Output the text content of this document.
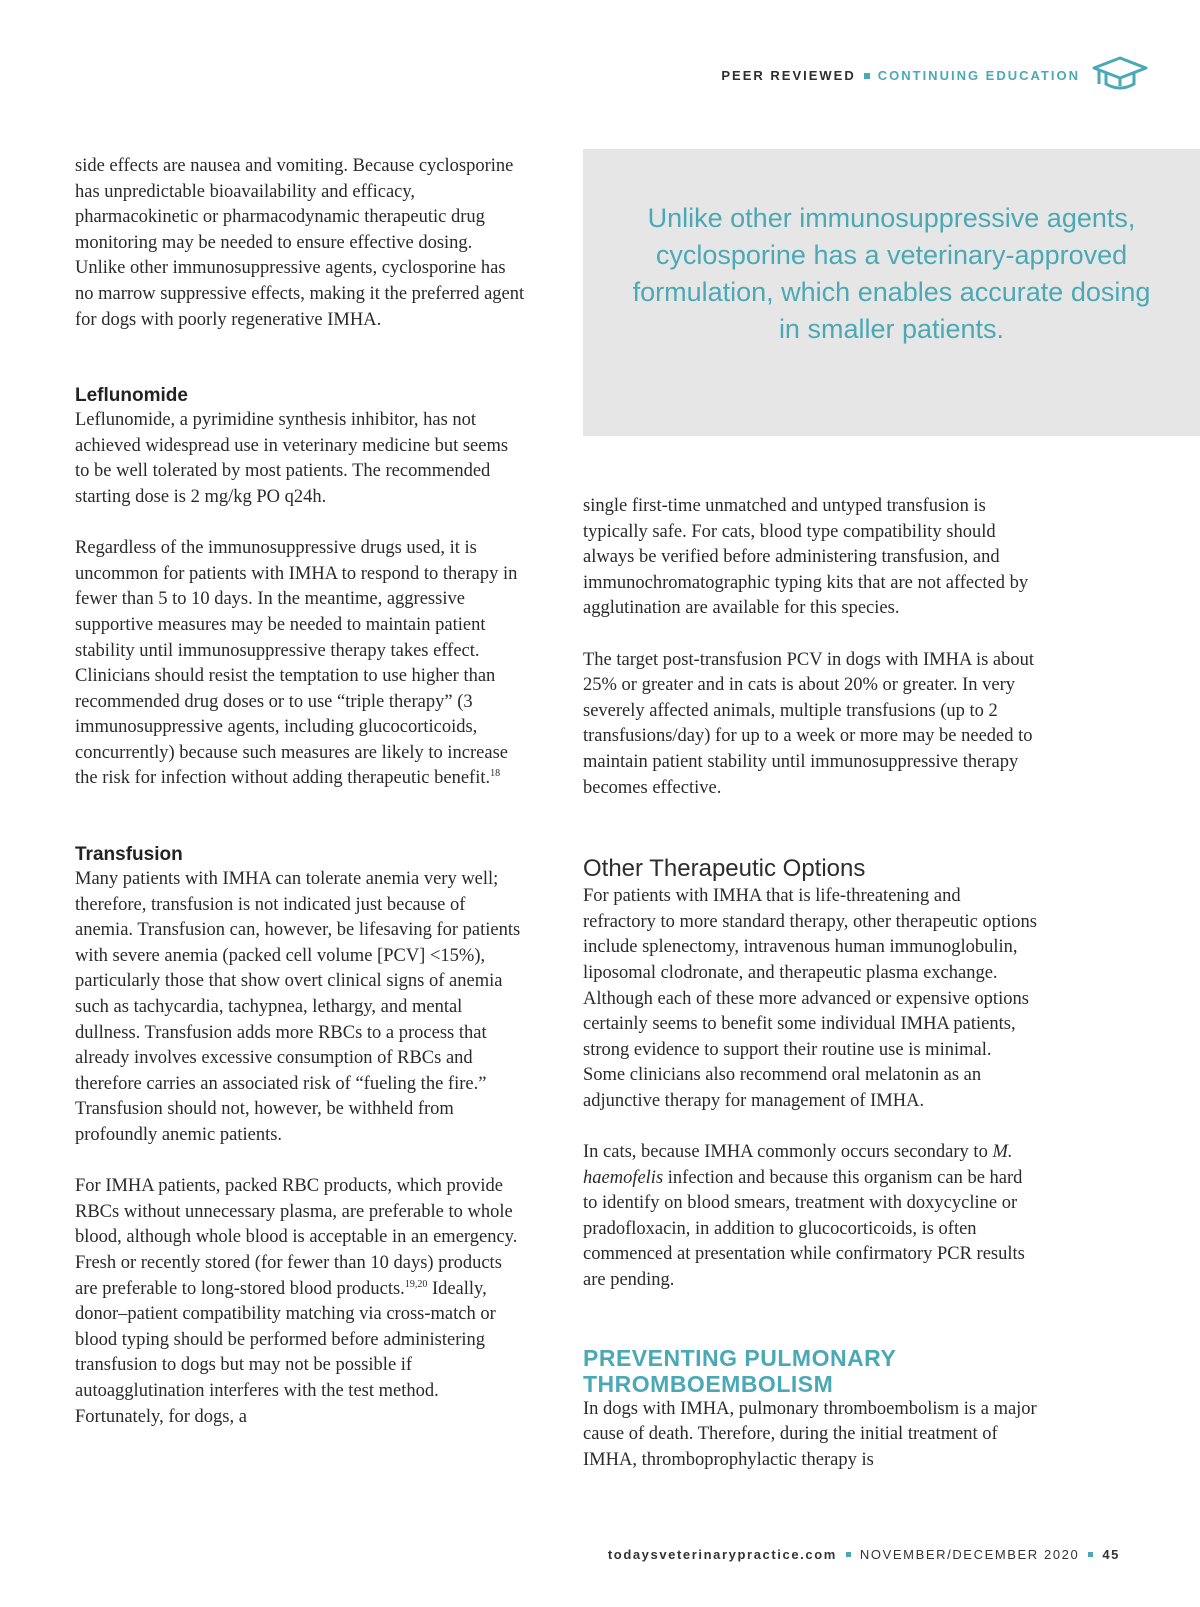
PEER REVIEWED CONTINUING EDUCATION

side effects are nausea and vomiting. Because cyclosporine has unpredictable bioavailability and efficacy, pharmacokinetic or pharmacodynamic therapeutic drug monitoring may be needed to ensure effective dosing. Unlike other immunosuppressive agents, cyclosporine has no marrow suppressive effects, making it the preferred agent for dogs with poorly regenerative IMHA.

Leflunomide

Leflunomide, a pyrimidine synthesis inhibitor, has not achieved widespread use in veterinary medicine but seems to be well tolerated by most patients. The recommended starting dose is 2 mg/kg PO q24h.

Regardless of the immunosuppressive drugs used, it is uncommon for patients with IMHA to respond to therapy in fewer than 5 to 10 days. In the meantime, aggressive supportive measures may be needed to maintain patient stability until immunosuppressive therapy takes effect. Clinicians should resist the temptation to use higher than recommended drug doses or to use “triple therapy” (3 immunosuppressive agents, including glucocorticoids, concurrently) because such measures are likely to increase the risk for infection without adding therapeutic benefit.$^{18}$

Transfusion

Many patients with IMHA can tolerate anemia very well; therefore, transfusion is not indicated just because of anemia. Transfusion can, however, be lifesaving for patients with severe anemia (packed cell volume [PCV] <15%), particularly those that show overt clinical signs of anemia such as tachycardia, tachypnea, lethargy, and mental dullness. Transfusion adds more RBCs to a process that already involves excessive consumption of RBCs and therefore carries an associated risk of “fueling the fire.” Transfusion should not, however, be withheld from profoundly anemic patients.

For IMHA patients, packed RBC products, which provide RBCs without unnecessary plasma, are preferable to whole blood, although whole blood is acceptable in an emergency. Fresh or recently stored (for fewer than 10 days) products are preferable to long-stored blood products.$^{19,20}$ Ideally, donor–patient compatibility matching via cross-match or blood typing should be performed before administering transfusion to dogs but may not be possible if autoagglutination interferes with the test method. Fortunately, for dogs, a

Unlike other immunosuppressive agents, cyclosporine has a veterinary-approved formulation, which enables accurate dosing in smaller patients.

single first-time unmatched and untyped transfusion is typically safe. For cats, blood type compatibility should always be verified before administering transfusion, and immunochromatographic typing kits that are not affected by agglutination are available for this species.

The target post-transfusion PCV in dogs with IMHA is about 25% or greater and in cats is about 20% or greater. In very severely affected animals, multiple transfusions (up to 2 transfusions/day) for up to a week or more may be needed to maintain patient stability until immunosuppressive therapy becomes effective.

Other Therapeutic Options

For patients with IMHA that is life-threatening and refractory to more standard therapy, other therapeutic options include splenectomy, intravenous human immunoglobulin, liposomal clodronate, and therapeutic plasma exchange. Although each of these more advanced or expensive options certainly seems to benefit some individual IMHA patients, strong evidence to support their routine use is minimal. Some clinicians also recommend oral melatonin as an adjunctive therapy for management of IMHA.

In cats, because IMHA commonly occurs secondary to M. haemofelis infection and because this organism can be hard to identify on blood smears, treatment with doxycycline or pradofloxacin, in addition to glucocorticoids, is often commenced at presentation while confirmatory PCR results are pending.

PREVENTING PULMONARY

THROMBOEMBOLISM

In dogs with IMHA, pulmonary thromboembolism is a major cause of death. Therefore, during the initial treatment of IMHA, thromboprophylactic therapy is

todaysveterinarypractice.com NOVEMBER/DECEMBER 2020 45
